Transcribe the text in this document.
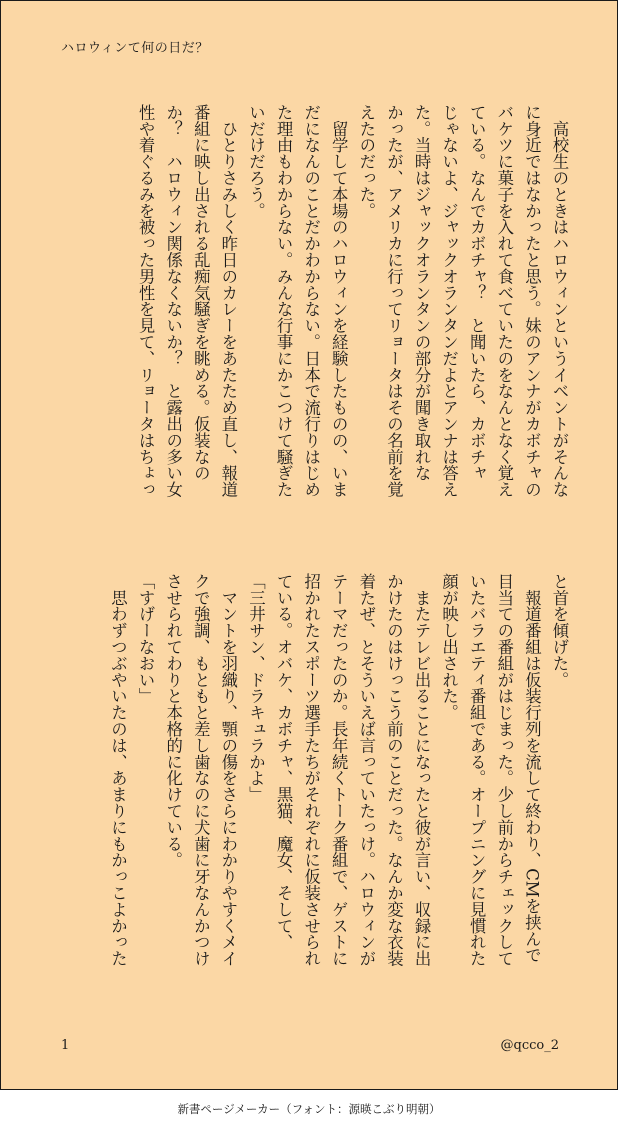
ハロウィンて何の日だ？
　高校生のときはハロウィンというイベントがそんな
に身近ではなかったと思う。妹のアンナがカボチャの
バケツに菓子を入れて食べていたのをなんとなく覚え
ている。なんでカボチャ？　と聞いたら、カボチャ
じゃないよ、ジャックオランタンだよとアンナは答え
た。当時はジャックオランタンの部分が聞き取れな
かったが、アメリカに行ってリョータはその名前を覚
えたのだった。
　留学して本場のハロウィンを経験したものの、いま
だになんのことだかわからない。日本で流行りはじめ
た理由もわからない。みんな行事にかこつけて騒ぎた
いだけだろう。
　ひとりさみしく昨日のカレーをあたため直し、報道
番組に映し出される乱痴気騒ぎを眺める。仮装なの
か？　ハロウィン関係なくないか？　と露出の多い女
性や着ぐるみを被った男性を見て、リョータはちょっ
と首を傾げた。
　報道番組は仮装行列を流して終わり、CMを挟んで
目当ての番組がはじまった。少し前からチェックして
いたバラエティ番組である。オープニングに見慣れた
顔が映し出された。
　またテレビ出ることになったと彼が言い、収録に出
かけたのはけっこう前のことだった。なんか変な衣装
着たぜ、とそういえば言っていたっけ。ハロウィンが
テーマだったのか。長年続くトーク番組で、ゲストに
招かれたスポーツ選手たちがそれぞれに仮装させられ
ている。オバケ、カボチャ、黒猫、魔女、そして、
「三井サン、ドラキュラかよ」
　マントを羽織り、顎の傷をさらにわかりやすくメイ
クで強調、もともと差し歯なのに犬歯に牙なんかつけ
させられてわりと本格的に化けている。
「すげーなおい」
　思わずつぶやいたのは、あまりにもかっこよかった
1	@qcco_2
新書ページメーカー（フォント：源暎こぶり明朝）
